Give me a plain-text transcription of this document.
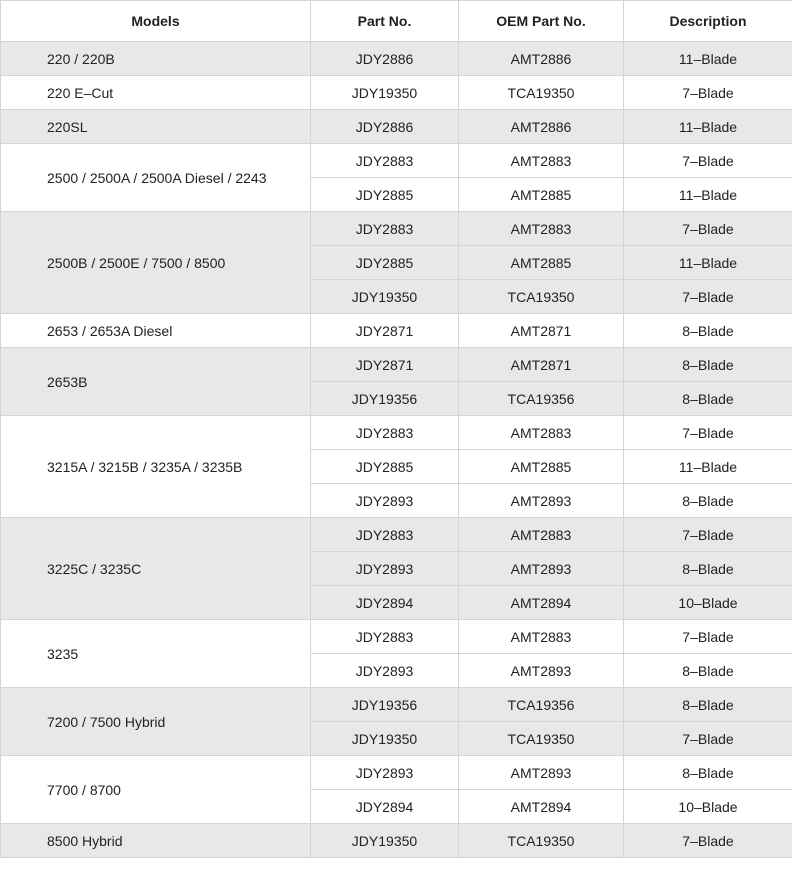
Models	Part No.	OEM Part No.	Description
220 / 220B	JDY2886	AMT2886	11–Blade
220 E–Cut	JDY19350	TCA19350	7–Blade
220SL	JDY2886	AMT2886	11–Blade
2500 / 2500A / 2500A Diesel / 2243	JDY2883	AMT2883	7–Blade
	JDY2885	AMT2885	11–Blade
2500B / 2500E / 7500 / 8500	JDY2883	AMT2883	7–Blade
	JDY2885	AMT2885	11–Blade
	JDY19350	TCA19350	7–Blade
2653 / 2653A Diesel	JDY2871	AMT2871	8–Blade
2653B	JDY2871	AMT2871	8–Blade
	JDY19356	TCA19356	8–Blade
3215A / 3215B / 3235A / 3235B	JDY2883	AMT2883	7–Blade
	JDY2885	AMT2885	11–Blade
	JDY2893	AMT2893	8–Blade
3225C / 3235C	JDY2883	AMT2883	7–Blade
	JDY2893	AMT2893	8–Blade
	JDY2894	AMT2894	10–Blade
3235	JDY2883	AMT2883	7–Blade
	JDY2893	AMT2893	8–Blade
7200 / 7500 Hybrid	JDY19356	TCA19356	8–Blade
	JDY19350	TCA19350	7–Blade
7700 / 8700	JDY2893	AMT2893	8–Blade
	JDY2894	AMT2894	10–Blade
8500 Hybrid	JDY19350	TCA19350	7–Blade
